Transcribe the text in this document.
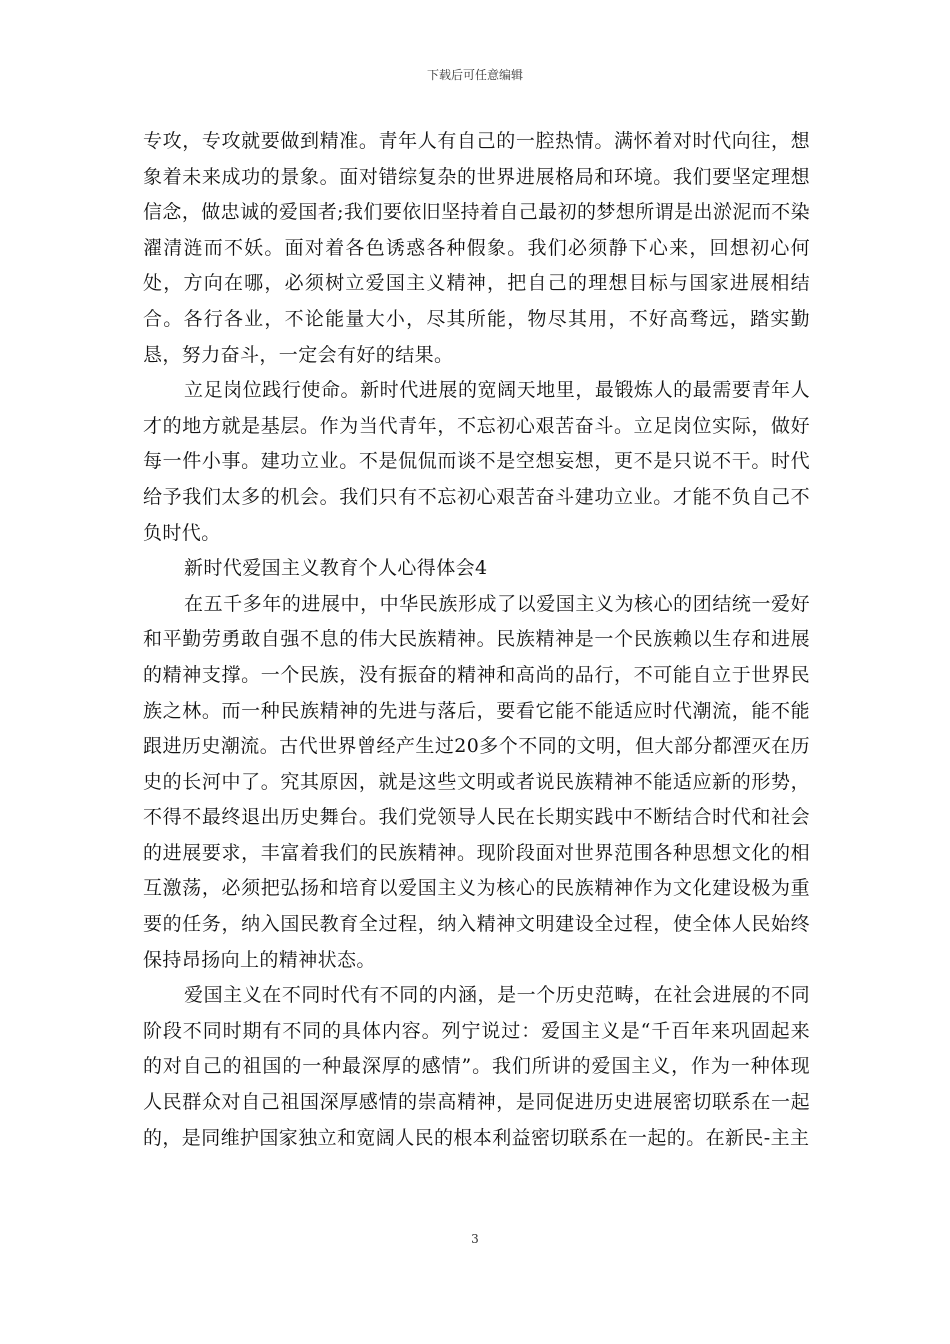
下载后可任意编辑

专攻，专攻就要做到精准。青年人有自己的一腔热情。满怀着对时代向往，想象着未来成功的景象。面对错综复杂的世界进展格局和环境。我们要坚定理想信念，做忠诚的爱国者;我们要依旧坚持着自己最初的梦想所谓是出淤泥而不染濯清涟而不妖。面对着各色诱惑各种假象。我们必须静下心来，回想初心何处，方向在哪，必须树立爱国主义精神，把自己的理想目标与国家进展相结合。各行各业，不论能量大小，尽其所能，物尽其用，不好高骛远，踏实勤恳，努力奋斗，一定会有好的结果。

立足岗位践行使命。新时代进展的宽阔天地里，最锻炼人的最需要青年人才的地方就是基层。作为当代青年，不忘初心艰苦奋斗。立足岗位实际，做好每一件小事。建功立业。不是侃侃而谈不是空想妄想，更不是只说不干。时代给予我们太多的机会。我们只有不忘初心艰苦奋斗建功立业。才能不负自己不负时代。

新时代爱国主义教育个人心得体会4

在五千多年的进展中，中华民族形成了以爱国主义为核心的团结统一爱好和平勤劳勇敢自强不息的伟大民族精神。民族精神是一个民族赖以生存和进展的精神支撑。一个民族，没有振奋的精神和高尚的品行，不可能自立于世界民族之林。而一种民族精神的先进与落后，要看它能不能适应时代潮流，能不能跟进历史潮流。古代世界曾经产生过20多个不同的文明，但大部分都湮灭在历史的长河中了。究其原因，就是这些文明或者说民族精神不能适应新的形势，不得不最终退出历史舞台。我们党领导人民在长期实践中不断结合时代和社会的进展要求，丰富着我们的民族精神。现阶段面对世界范围各种思想文化的相互激荡，必须把弘扬和培育以爱国主义为核心的民族精神作为文化建设极为重要的任务，纳入国民教育全过程，纳入精神文明建设全过程，使全体人民始终保持昂扬向上的精神状态。

爱国主义在不同时代有不同的内涵，是一个历史范畴，在社会进展的不同阶段不同时期有不同的具体内容。列宁说过：爱国主义是“千百年来巩固起来的对自己的祖国的一种最深厚的感情”。我们所讲的爱国主义，作为一种体现人民群众对自己祖国深厚感情的崇高精神，是同促进历史进展密切联系在一起的，是同维护国家独立和宽阔人民的根本利益密切联系在一起的。在新民-主主

3
